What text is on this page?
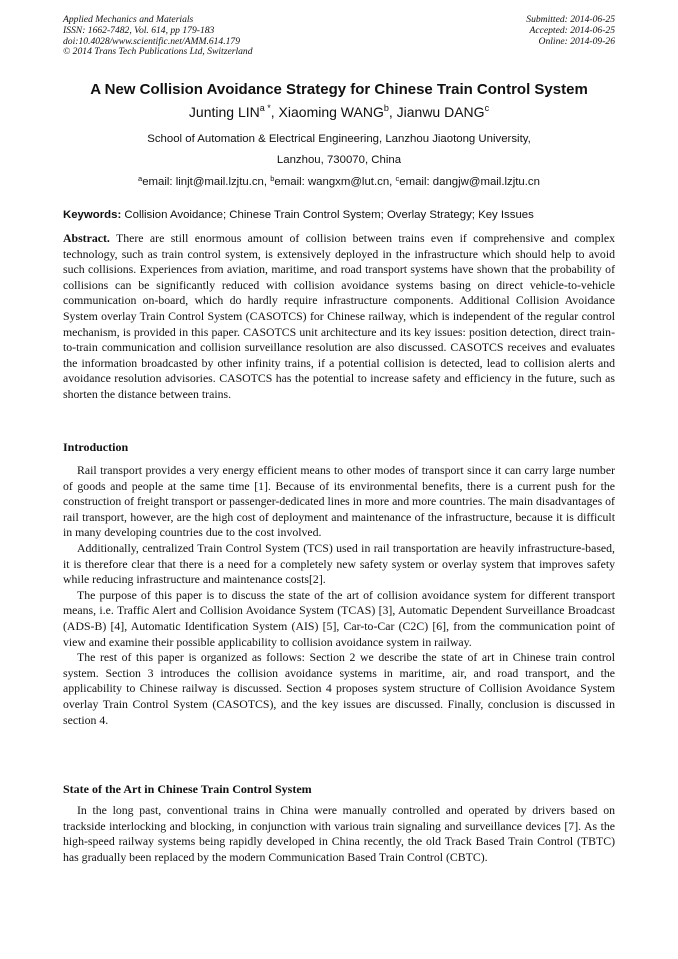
Applied Mechanics and Materials
ISSN: 1662-7482, Vol. 614, pp 179-183
doi:10.4028/www.scientific.net/AMM.614.179
© 2014 Trans Tech Publications Ltd, Switzerland
Submitted: 2014-06-25
Accepted: 2014-06-25
Online: 2014-09-26
A New Collision Avoidance Strategy for Chinese Train Control System
Junting $LIN^{a *}$, Xiaoming WANG$^b$, Jianwu DANG$^c$
School of Automation & Electrical Engineering, Lanzhou Jiaotong University,
Lanzhou, 730070, China
$^a$email: linjt@mail.lzjtu.cn, $^b$email: wangxm@lut.cn, $^c$email: dangjw@mail.lzjtu.cn
Keywords: Collision Avoidance; Chinese Train Control System; Overlay Strategy; Key Issues

Abstract. There are still enormous amount of collision between trains even if comprehensive and complex technology, such as train control system, is extensively deployed in the infrastructure which should help to avoid such collisions. Experiences from aviation, maritime, and road transport systems have shown that the probability of collisions can be significantly reduced with collision avoidance systems basing on direct vehicle-to-vehicle communication on-board, which do hardly require infrastructure components. Additional Collision Avoidance System overlay Train Control System (CASOTCS) for Chinese railway, which is independent of the regular control mechanism, is provided in this paper. CASOTCS unit architecture and its key issues: position detection, direct train-to-train communication and collision surveillance resolution are also discussed. CASOTCS receives and evaluates the information broadcasted by other infinity trains, if a potential collision is detected, lead to collision alerts and avoidance resolution advisories. CASOTCS has the potential to increase safety and efficiency in the future, such as shorten the distance between trains.

Introduction

Rail transport provides a very energy efficient means to other modes of transport since it can carry large number of goods and people at the same time [1]. Because of its environmental benefits, there is a current push for the construction of freight transport or passenger-dedicated lines in more and more countries. The main disadvantages of rail transport, however, are the high cost of deployment and maintenance of the infrastructure, because it is difficult in many developing countries due to the cost involved.

Additionally, centralized Train Control System (TCS) used in rail transportation are heavily infrastructure-based, it is therefore clear that there is a need for a completely new safety system or overlay system that improves safety while reducing infrastructure and maintenance costs[2].

The purpose of this paper is to discuss the state of the art of collision avoidance system for different transport means, i.e. Traffic Alert and Collision Avoidance System (TCAS) [3], Automatic Dependent Surveillance Broadcast (ADS-B) [4], Automatic Identification System (AIS) [5], Car-to-Car (C2C) [6], from the communication point of view and examine their possible applicability to collision avoidance system in railway.

The rest of this paper is organized as follows: Section 2 we describe the state of art in Chinese train control system. Section 3 introduces the collision avoidance systems in maritime, air, and road transport, and the applicability to Chinese railway is discussed. Section 4 proposes system structure of Collision Avoidance System overlay Train Control System (CASOTCS), and the key issues are discussed. Finally, conclusion is discussed in section 4.

State of the Art in Chinese Train Control System

In the long past, conventional trains in China were manually controlled and operated by drivers based on trackside interlocking and blocking, in conjunction with various train signaling and surveillance devices [7]. As the high-speed railway systems being rapidly developed in China recently, the old Track Based Train Control (TBTC) has gradually been replaced by the modern Communication Based Train Control (CBTC).
